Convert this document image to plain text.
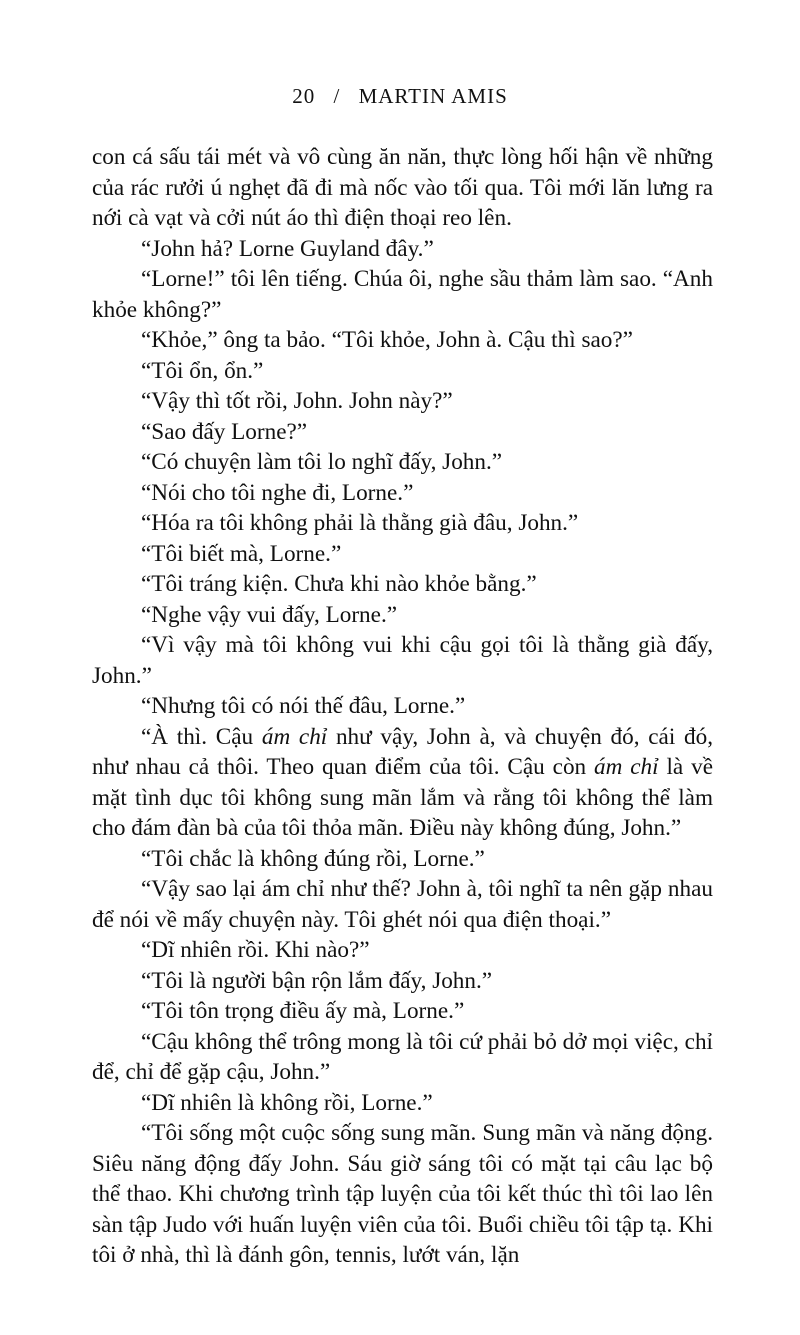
20 / MARTIN AMIS

con cá sấu tái mét và vô cùng ăn năn, thực lòng hối hận về những của rác rưởi ú nghẹt đã đi mà nốc vào tối qua. Tôi mới lăn lưng ra nới cà vạt và cởi nút áo thì điện thoại reo lên.

“John hả? Lorne Guyland đây.”

“Lorne!” tôi lên tiếng. Chúa ôi, nghe sầu thảm làm sao. “Anh khỏe không?”

“Khỏe,” ông ta bảo. “Tôi khỏe, John à. Cậu thì sao?”

“Tôi ổn, ổn.”

“Vậy thì tốt rồi, John. John này?”

“Sao đấy Lorne?”

“Có chuyện làm tôi lo nghĩ đấy, John.”

“Nói cho tôi nghe đi, Lorne.”

“Hóa ra tôi không phải là thằng già đâu, John.”

“Tôi biết mà, Lorne.”

“Tôi tráng kiện. Chưa khi nào khỏe bằng.”

“Nghe vậy vui đấy, Lorne.”

“Vì vậy mà tôi không vui khi cậu gọi tôi là thằng già đấy, John.”

“Nhưng tôi có nói thế đâu, Lorne.”

“À thì. Cậu ám chỉ như vậy, John à, và chuyện đó, cái đó, như nhau cả thôi. Theo quan điểm của tôi. Cậu còn ám chỉ là về mặt tình dục tôi không sung mãn lắm và rằng tôi không thể làm cho đám đàn bà của tôi thỏa mãn. Điều này không đúng, John.”

“Tôi chắc là không đúng rồi, Lorne.”

“Vậy sao lại ám chỉ như thế? John à, tôi nghĩ ta nên gặp nhau để nói về mấy chuyện này. Tôi ghét nói qua điện thoại.”

“Dĩ nhiên rồi. Khi nào?”

“Tôi là người bận rộn lắm đấy, John.”

“Tôi tôn trọng điều ấy mà, Lorne.”

“Cậu không thể trông mong là tôi cứ phải bỏ dở mọi việc, chỉ để, chỉ để gặp cậu, John.”

“Dĩ nhiên là không rồi, Lorne.”

“Tôi sống một cuộc sống sung mãn. Sung mãn và năng động. Siêu năng động đấy John. Sáu giờ sáng tôi có mặt tại câu lạc bộ thể thao. Khi chương trình tập luyện của tôi kết thúc thì tôi lao lên sàn tập Judo với huấn luyện viên của tôi. Buổi chiều tôi tập tạ. Khi tôi ở nhà, thì là đánh gôn, tennis, lướt ván, lặn
